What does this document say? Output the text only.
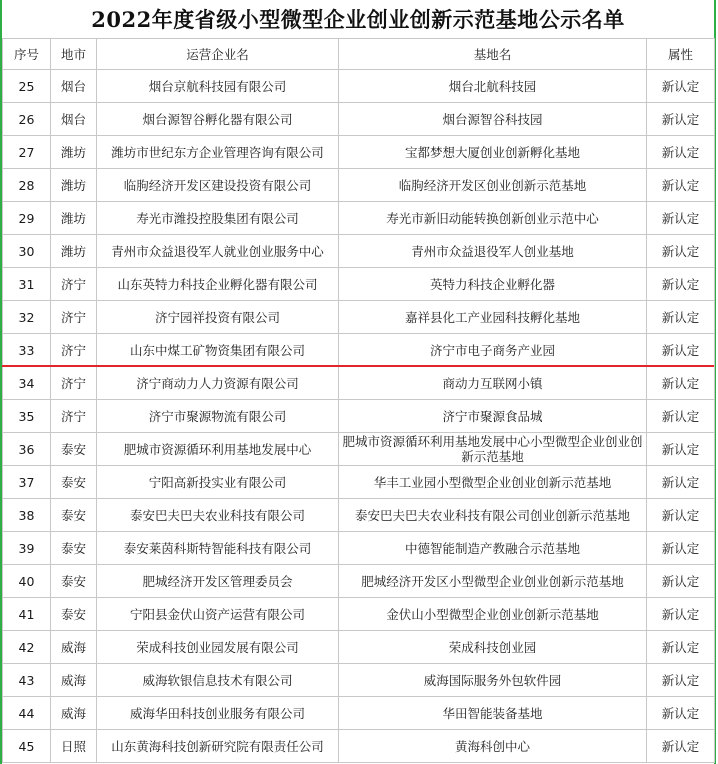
2022年度省级小型微型企业创业创新示范基地公示名单
序号	地市	运营企业名	基地名	属性
25	烟台	烟台京航科技园有限公司	烟台北航科技园	新认定
26	烟台	烟台源智谷孵化器有限公司	烟台源智谷科技园	新认定
27	潍坊	潍坊市世纪东方企业管理咨询有限公司	宝都梦想大厦创业创新孵化基地	新认定
28	潍坊	临朐经济开发区建设投资有限公司	临朐经济开发区创业创新示范基地	新认定
29	潍坊	寿光市潍投控股集团有限公司	寿光市新旧动能转换创新创业示范中心	新认定
30	潍坊	青州市众益退役军人就业创业服务中心	青州市众益退役军人创业基地	新认定
31	济宁	山东英特力科技企业孵化器有限公司	英特力科技企业孵化器	新认定
32	济宁	济宁园祥投资有限公司	嘉祥县化工产业园科技孵化基地	新认定
33	济宁	山东中煤工矿物资集团有限公司	济宁市电子商务产业园	新认定
34	济宁	济宁商动力人力资源有限公司	商动力互联网小镇	新认定
35	济宁	济宁市聚源物流有限公司	济宁市聚源食品城	新认定
36	泰安	肥城市资源循环利用基地发展中心	肥城市资源循环利用基地发展中心小型微型企业创业创新示范基地	新认定
37	泰安	宁阳高新投实业有限公司	华丰工业园小型微型企业创业创新示范基地	新认定
38	泰安	泰安巴夫巴夫农业科技有限公司	泰安巴夫巴夫农业科技有限公司创业创新示范基地	新认定
39	泰安	泰安莱茵科斯特智能科技有限公司	中德智能制造产教融合示范基地	新认定
40	泰安	肥城经济开发区管理委员会	肥城经济开发区小型微型企业创业创新示范基地	新认定
41	泰安	宁阳县金伏山资产运营有限公司	金伏山小型微型企业创业创新示范基地	新认定
42	威海	荣成科技创业园发展有限公司	荣成科技创业园	新认定
43	威海	威海软银信息技术有限公司	威海国际服务外包软件园	新认定
44	威海	威海华田科技创业服务有限公司	华田智能装备基地	新认定
45	日照	山东黄海科技创新研究院有限责任公司	黄海科创中心	新认定
